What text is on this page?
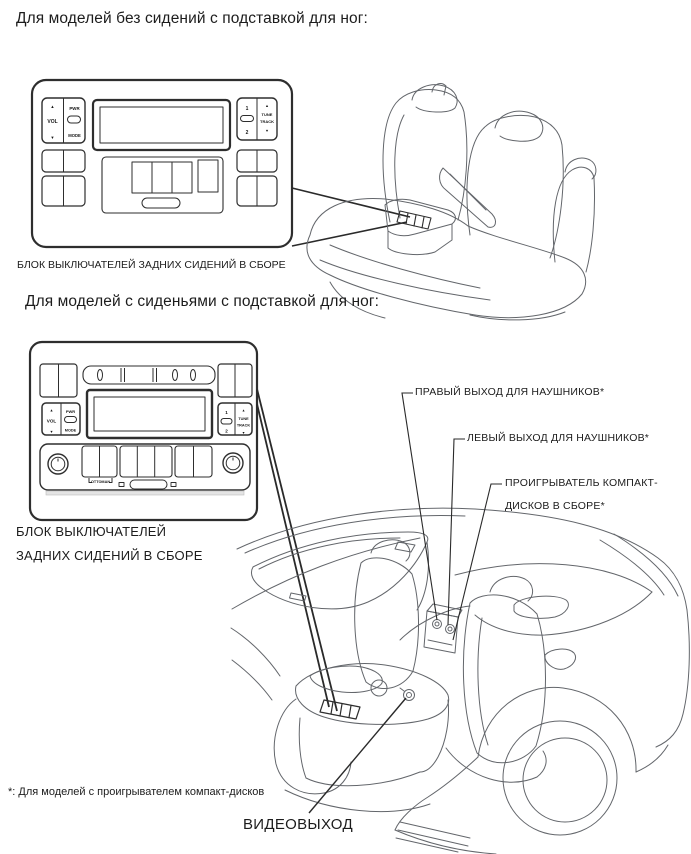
▲
VOL
▼
PWR
MODE
1
2
▲
TUNE
TRACK
▼
▲
VOL
▼
PWR
MODE
1
2
▲
TUNE
TRACK
▼
OTTOMAN
Для моделей без сидений с подставкой для ног:
БЛОК ВЫКЛЮЧАТЕЛЕЙ ЗАДНИХ СИДЕНИЙ В СБОРЕ
Для моделей с сиденьями с подставкой для ног:
ПРАВЫЙ ВЫХОД ДЛЯ НАУШНИКОВ*
ЛЕВЫЙ ВЫХОД ДЛЯ НАУШНИКОВ*
ПРОИГРЫВАТЕЛЬ КОМПАКТ-
ДИСКОВ В СБОРЕ*
БЛОК ВЫКЛЮЧАТЕЛЕЙ
ЗАДНИХ СИДЕНИЙ В СБОРЕ
*: Для моделей с проигрывателем компакт-дисков
ВИДЕОВЫХОД
